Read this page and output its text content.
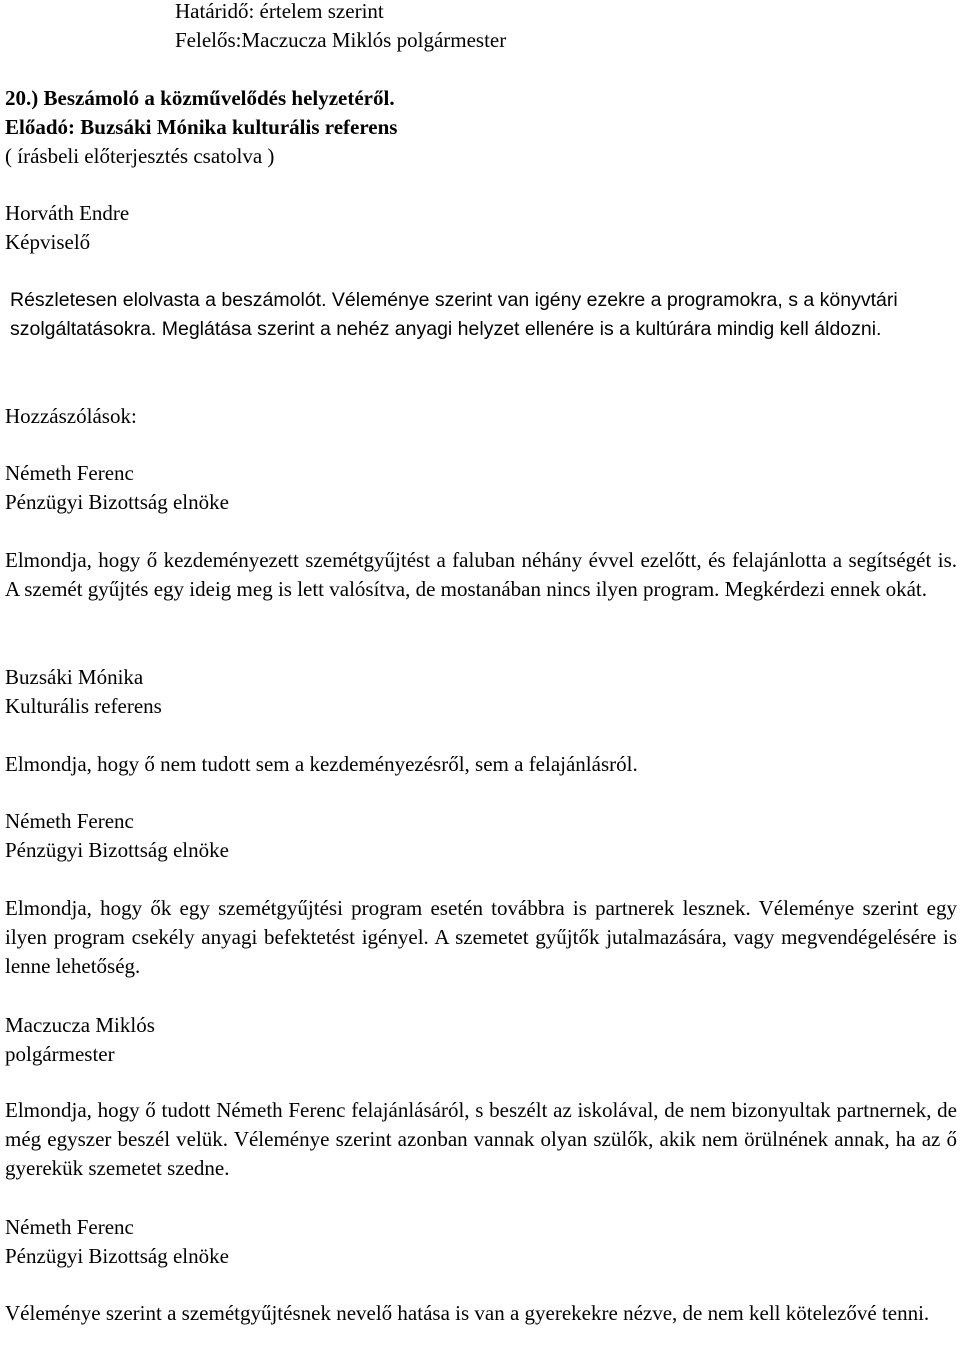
Határidő: értelem szerint
Felelős:Maczucza Miklós polgármester
20.) Beszámoló a közművelődés helyzetéről.
Előadó: Buzsáki Mónika kulturális referens
( írásbeli előterjesztés csatolva )
Horváth Endre
Képviselő
Részletesen elolvasta a beszámolót. Véleménye szerint van igény ezekre a programokra, s a könyvtári szolgáltatásokra. Meglátása szerint a nehéz anyagi helyzet ellenére is a kultúrára mindig kell áldozni.
Hozzászólások:
Németh Ferenc
Pénzügyi Bizottság elnöke
Elmondja, hogy ő kezdeményezett szemétgyűjtést a faluban néhány évvel ezelőtt, és felajánlotta a segítségét is. A szemét gyűjtés egy ideig meg is lett valósítva, de mostanában nincs ilyen program. Megkérdezi ennek okát.
Buzsáki Mónika
Kulturális referens
Elmondja, hogy ő nem tudott sem a kezdeményezésről, sem a felajánlásról.
Németh Ferenc
Pénzügyi Bizottság elnöke
Elmondja, hogy ők egy szemétgyűjtési program esetén továbbra is partnerek lesznek. Véleménye szerint egy ilyen program csekély anyagi befektetést igényel. A szemetet gyűjtők jutalmazására, vagy megvendégelésére is lenne lehetőség.
Maczucza Miklós
polgármester
Elmondja, hogy ő tudott Németh Ferenc felajánlásáról, s beszélt az iskolával, de nem bizonyultak partnernek, de még egyszer beszél velük. Véleménye szerint azonban vannak olyan szülők, akik nem örülnének annak, ha az ő gyerekük szemetet szedne.
Németh Ferenc
Pénzügyi Bizottság elnöke
Véleménye szerint a szemétgyűjtésnek nevelő hatása is van a gyerekekre nézve, de nem kell kötelezővé tenni.
